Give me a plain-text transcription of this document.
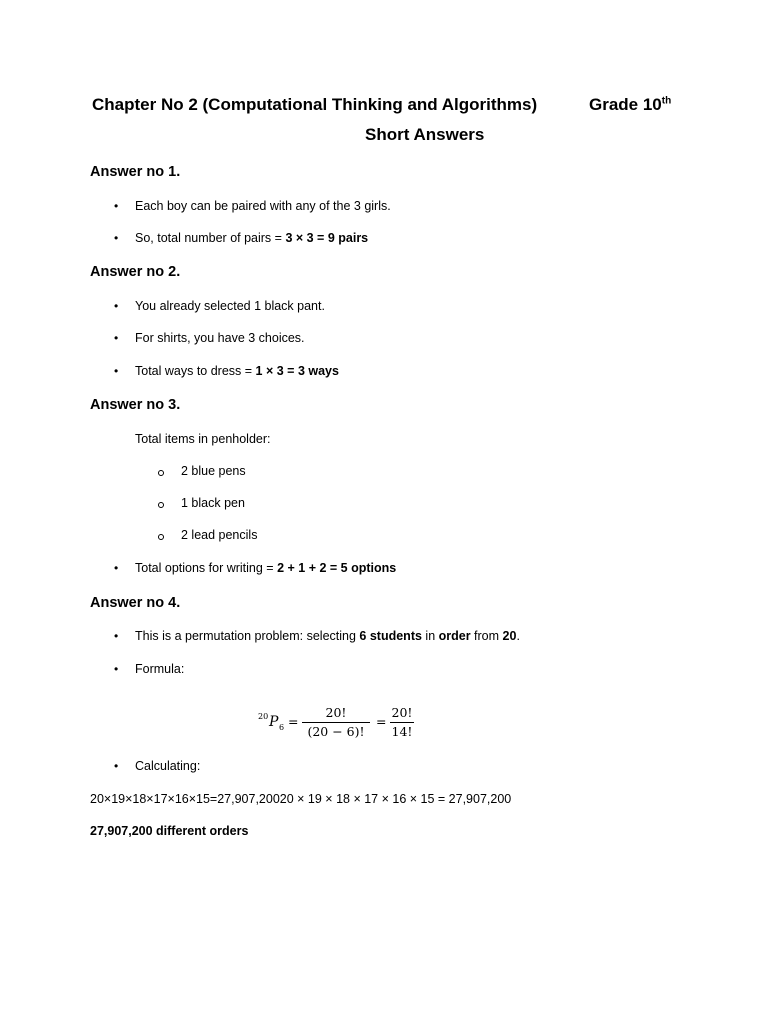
Chapter No 2 (Computational Thinking and Algorithms)	Grade 10th
Short Answers
Answer no 1.
• Each boy can be paired with any of the 3 girls.
• So, total number of pairs = 3 × 3 = 9 pairs
Answer no 2.
• You already selected 1 black pant.
• For shirts, you have 3 choices.
• Total ways to dress = 1 × 3 = 3 ways
Answer no 3.
Total items in penholder:
2 blue pens
1 black pen
2 lead pencils
• Total options for writing = 2 + 1 + 2 = 5 options
Answer no 4.
• This is a permutation problem: selecting 6 students in order from 20.
• Formula:
20 P 6 =
20!
(20 − 6)!
=
20!
14!
• Calculating:
20×19×18×17×16×15=27,907,20020 × 19 × 18 × 17 × 16 × 15 = 27,907,200
27,907,200 different orders
